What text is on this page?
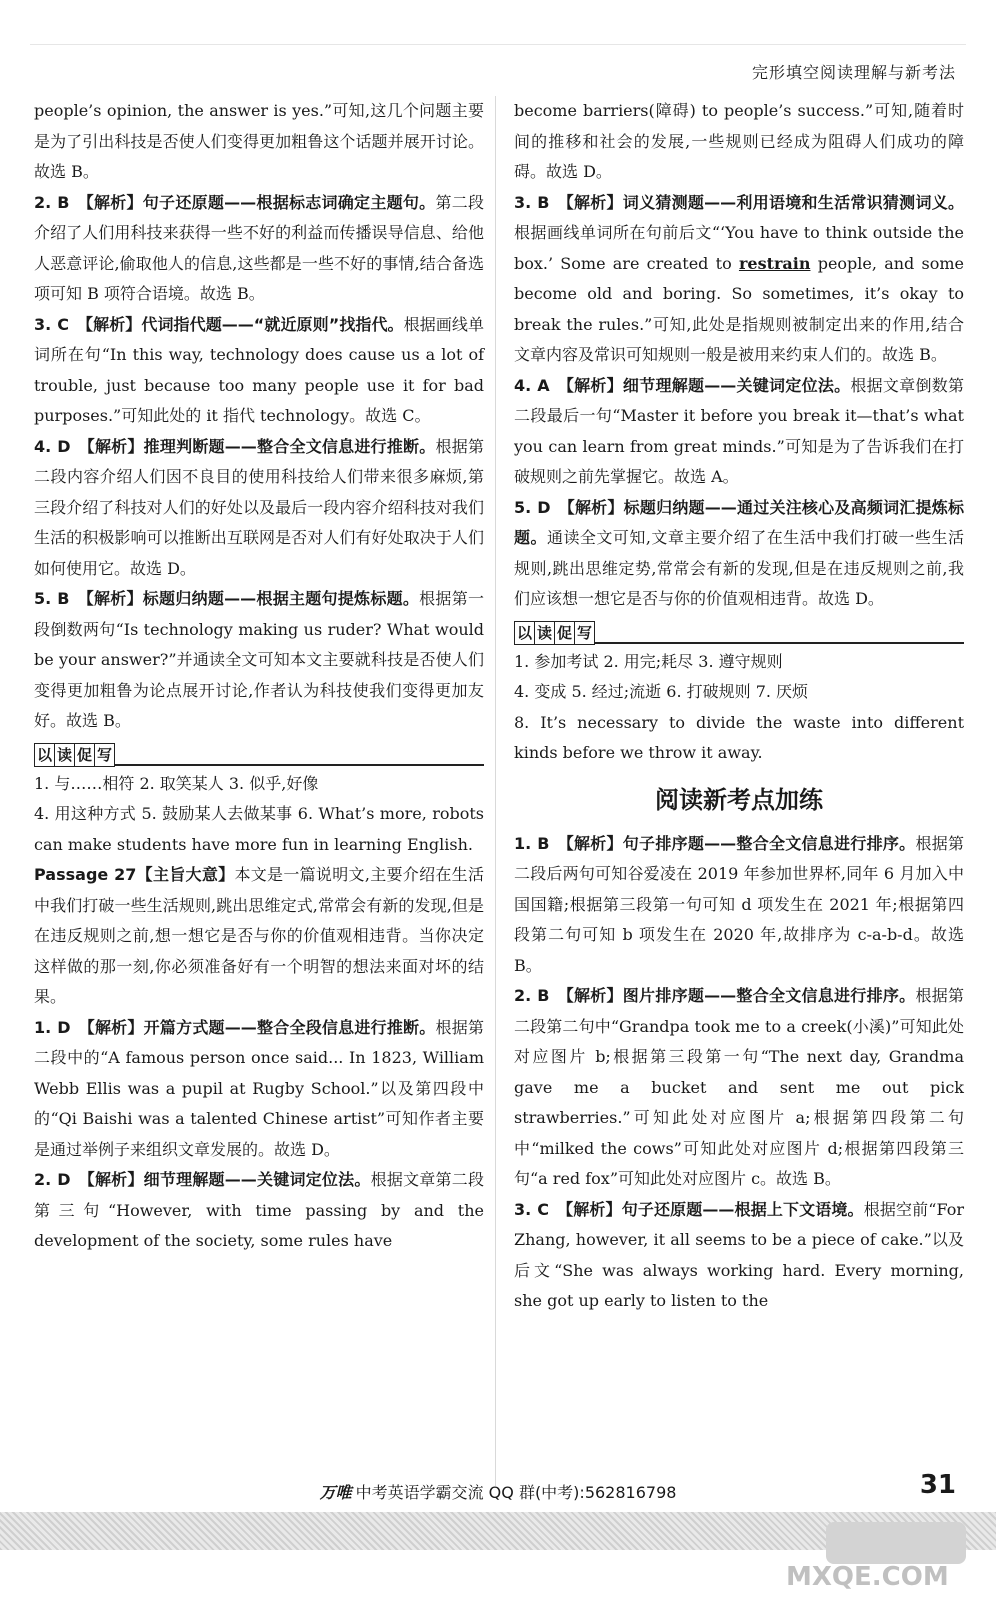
完形填空阅读理解与新考法

people’s opinion, the answer is yes.”可知,这几个问题主要是为了引出科技是否使人们变得更加粗鲁这个话题并展开讨论。故选 B。

2. B 【解析】句子还原题——根据标志词确定主题句。第二段介绍了人们用科技来获得一些不好的利益而传播误导信息、给他人恶意评论,偷取他人的信息,这些都是一些不好的事情,结合备选项可知 B 项符合语境。故选 B。

3. C 【解析】代词指代题——“就近原则”找指代。根据画线单词所在句“In this way, technology does cause us a lot of trouble, just because too many people use it for bad purposes.”可知此处的 it 指代 technology。故选 C。

4. D 【解析】推理判断题——整合全文信息进行推断。根据第二段内容介绍人们因不良目的使用科技给人们带来很多麻烦,第三段介绍了科技对人们的好处以及最后一段内容介绍科技对我们生活的积极影响可以推断出互联网是否对人们有好处取决于人们如何使用它。故选 D。

5. B 【解析】标题归纳题——根据主题句提炼标题。根据第一段倒数两句“Is technology making us ruder? What would be your answer?”并通读全文可知本文主要就科技是否使人们变得更加粗鲁为论点展开讨论,作者认为科技使我们变得更加友好。故选 B。

以 读 促 写

1. 与……相符 2. 取笑某人 3. 似乎,好像

4. 用这种方式 5. 鼓励某人去做某事 6. What’s more, robots can make students have more fun in learning English.

Passage 27【主旨大意】本文是一篇说明文,主要介绍在生活中我们打破一些生活规则,跳出思维定式,常常会有新的发现,但是在违反规则之前,想一想它是否与你的价值观相违背。当你决定这样做的那一刻,你必须准备好有一个明智的想法来面对坏的结果。

1. D 【解析】开篇方式题——整合全段信息进行推断。根据第二段中的“A famous person once said... In 1823, William Webb Ellis was a pupil at Rugby School.”以及第四段中的“Qi Baishi was a talented Chinese artist”可知作者主要是通过举例子来组织文章发展的。故选 D。

2. D 【解析】细节理解题——关键词定位法。根据文章第二段第三句“However, with time passing by and the development of the society, some rules have

become barriers(障碍) to people’s success.”可知,随着时间的推移和社会的发展,一些规则已经成为阻碍人们成功的障碍。故选 D。

3. B 【解析】词义猜测题——利用语境和生活常识猜测词义。根据画线单词所在句前后文“‘You have to think outside the box.’ Some are created to restrain people, and some become old and boring. So sometimes, it’s okay to break the rules.”可知,此处是指规则被制定出来的作用,结合文章内容及常识可知规则一般是被用来约束人们的。故选 B。

4. A 【解析】细节理解题——关键词定位法。根据文章倒数第二段最后一句“Master it before you break it—that’s what you can learn from great minds.”可知是为了告诉我们在打破规则之前先掌握它。故选 A。

5. D 【解析】标题归纳题——通过关注核心及高频词汇提炼标题。通读全文可知,文章主要介绍了在生活中我们打破一些生活规则,跳出思维定势,常常会有新的发现,但是在违反规则之前,我们应该想一想它是否与你的价值观相违背。故选 D。

以 读 促 写

1. 参加考试 2. 用完;耗尽 3. 遵守规则

4. 变成 5. 经过;流逝 6. 打破规则 7. 厌烦

8. It’s necessary to divide the waste into different kinds before we throw it away.

阅读新考点加练

1. B 【解析】句子排序题——整合全文信息进行排序。根据第二段后两句可知谷爱凌在 2019 年参加世界杯,同年 6 月加入中国国籍;根据第三段第一句可知 d 项发生在 2021 年;根据第四段第二句可知 b 项发生在 2020 年,故排序为 c-a-b-d。故选 B。

2. B 【解析】图片排序题——整合全文信息进行排序。根据第二段第二句中“Grandpa took me to a creek(小溪)”可知此处对应图片 b;根据第三段第一句“The next day, Grandma gave me a bucket and sent me out pick strawberries.”可知此处对应图片 a;根据第四段第二句中“milked the cows”可知此处对应图片 d;根据第四段第三句“a red fox”可知此处对应图片 c。故选 B。

3. C 【解析】句子还原题——根据上下文语境。根据空前“For Zhang, however, it all seems to be a piece of cake.”以及后文“She was always working hard. Every morning, she got up early to listen to the

万唯 中考英语学霸交流 QQ 群(中考):562816798	31
MXQE.COM
